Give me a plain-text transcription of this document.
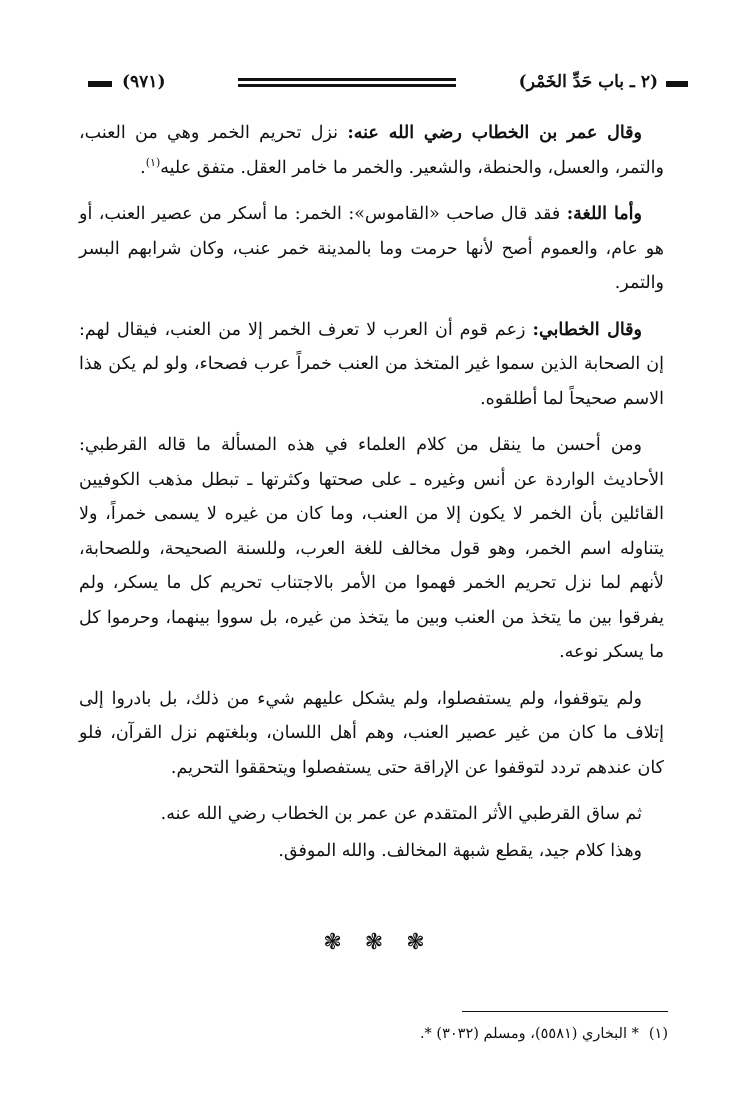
(٢ ـ باب حَدِّ الخَمْر)
(٩٧١)

وقال عمر بن الخطاب رضي الله عنه: نزل تحريم الخمر وهي من العنب، والتمر، والعسل، والحنطة، والشعير. والخمر ما خامر العقل. متفق عليه$^{(١)}$.

وأما اللغة: فقد قال صاحب «القاموس»: الخمر: ما أسكر من عصير العنب، أو هو عام، والعموم أصح لأنها حرمت وما بالمدينة خمر عنب، وكان شرابهم البسر والتمر.

وقال الخطابي: زعم قوم أن العرب لا تعرف الخمر إلا من العنب، فيقال لهم: إن الصحابة الذين سموا غير المتخذ من العنب خمراً عرب فصحاء، ولو لم يكن هذا الاسم صحيحاً لما أطلقوه.

ومن أحسن ما ينقل من كلام العلماء في هذه المسألة ما قاله القرطبي: الأحاديث الواردة عن أنس وغيره ـ على صحتها وكثرتها ـ تبطل مذهب الكوفيين القائلين بأن الخمر لا يكون إلا من العنب، وما كان من غيره لا يسمى خمراً، ولا يتناوله اسم الخمر، وهو قول مخالف للغة العرب، وللسنة الصحيحة، وللصحابة، لأنهم لما نزل تحريم الخمر فهموا من الأمر بالاجتناب تحريم كل ما يسكر، ولم يفرقوا بين ما يتخذ من العنب وبين ما يتخذ من غيره، بل سووا بينهما، وحرموا كل ما يسكر نوعه.

ولم يتوقفوا، ولم يستفصلوا، ولم يشكل عليهم شيء من ذلك، بل بادروا إلى إتلاف ما كان من غير عصير العنب، وهم أهل اللسان، وبلغتهم نزل القرآن، فلو كان عندهم تردد لتوقفوا عن الإراقة حتى يستفصلوا ويتحققوا التحريم.

ثم ساق القرطبي الأثر المتقدم عن عمر بن الخطاب رضي الله عنه.

وهذا كلام جيد، يقطع شبهة المخالف. والله الموفق.

❃ ❃ ❃
(١)* البخاري (٥٥٨١)، ومسلم (٣٠٣٢) *.
